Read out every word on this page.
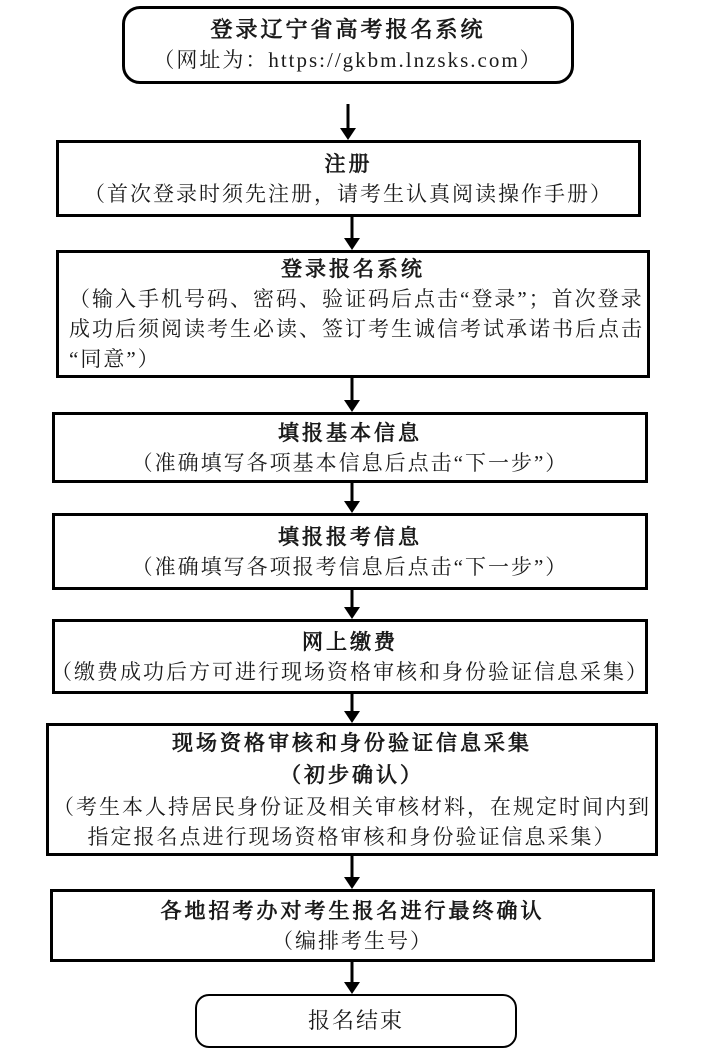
登录辽宁省高考报名系统
（网址为：https://gkbm.lnzsks.com）
注册
（首次登录时须先注册，请考生认真阅读操作手册）
登录报名系统
（输入手机号码、密码、验证码后点击“登录”；首次登录
成功后须阅读考生必读、签订考生诚信考试承诺书后点击
“同意”）
填报基本信息
（准确填写各项基本信息后点击“下一步”）
填报报考信息
（准确填写各项报考信息后点击“下一步”）
网上缴费
（缴费成功后方可进行现场资格审核和身份验证信息采集）
现场资格审核和身份验证信息采集
（初步确认）
（考生本人持居民身份证及相关审核材料，在规定时间内到
指定报名点进行现场资格审核和身份验证信息采集）
各地招考办对考生报名进行最终确认
（编排考生号）
报名结束
